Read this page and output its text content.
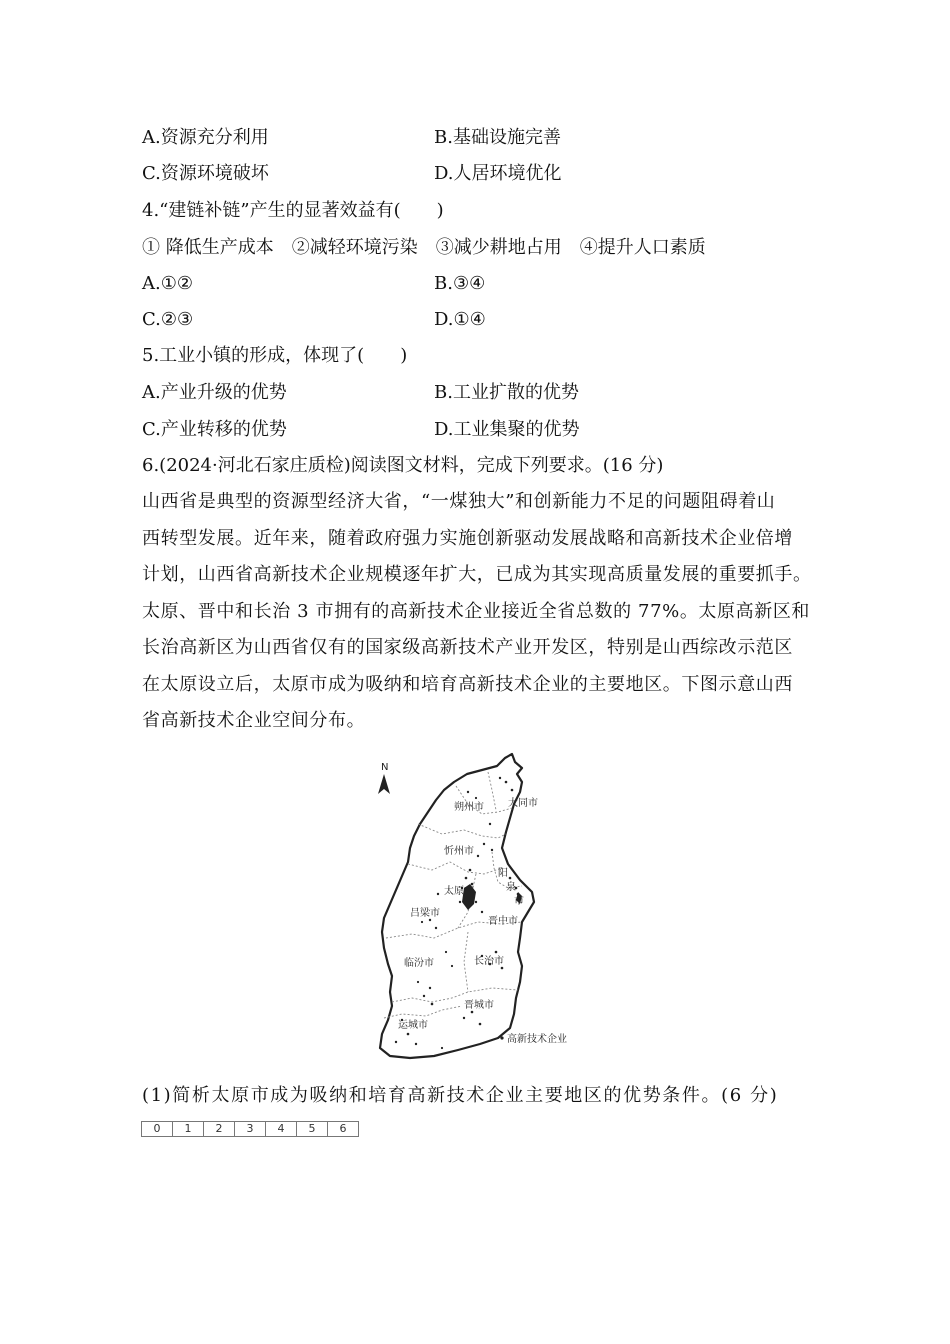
A.资源充分利用	B.基础设施完善
C.资源环境破坏	D.人居环境优化
4.“建链补链”产生的显著效益有(　　)
① 降低生产成本　②减轻环境污染　③减少耕地占用　④提升人口素质
A.①②	B.③④
C.②③	D.①④
5.工业小镇的形成，体现了(　　)
A.产业升级的优势	B.工业扩散的优势
C.产业转移的优势	D.工业集聚的优势
6.(2024·河北石家庄质检)阅读图文材料，完成下列要求。(16 分)
山西省是典型的资源型经济大省，“一煤独大”和创新能力不足的问题阻碍着山
西转型发展。近年来，随着政府强力实施创新驱动发展战略和高新技术企业倍增
计划，山西省高新技术企业规模逐年扩大，已成为其实现高质量发展的重要抓手。
太原、晋中和长治 3 市拥有的高新技术企业接近全省总数的 77%。太原高新区和
长治高新区为山西省仅有的国家级高新技术产业开发区，特别是山西综改示范区
在太原设立后，太原市成为吸纳和培育高新技术企业的主要地区。下图示意山西
省高新技术企业空间分布。
N
朔州市 大同市
忻州市
阳
泉
市
太原市
吕梁市
晋中市
临汾市	长治市
晋城市
运城市
高新技术企业
(1)简析太原市成为吸纳和培育高新技术企业主要地区的优势条件。(6 分)
0	1	2	3	4	5	6
